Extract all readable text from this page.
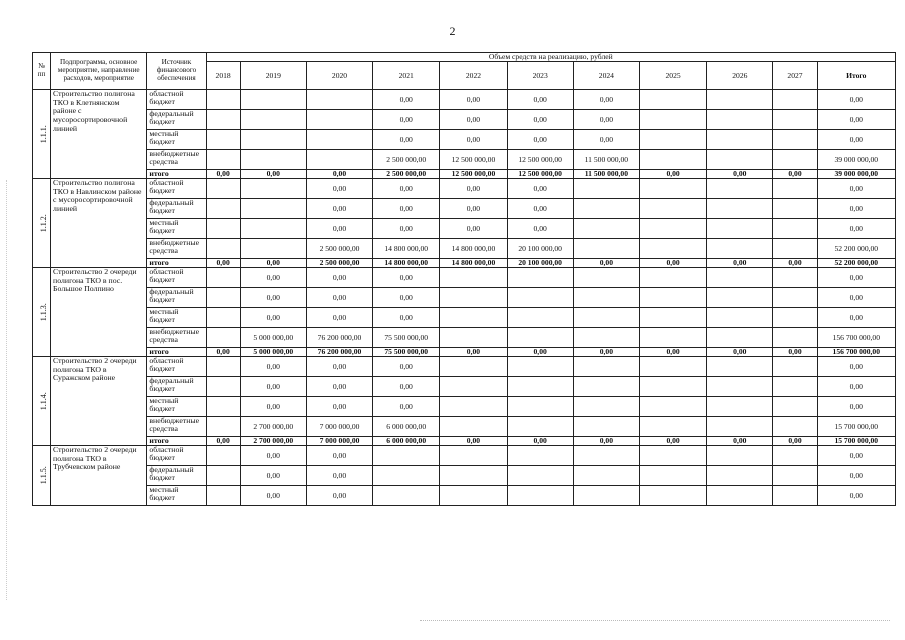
2
№ пп	Подпрограмма, основное мероприятие, направление расходов, мероприятие	Источник финансового обеспечения	Объем средств на реализацию, рублей										
			2018	2019	2020	2021	2022	2023	2024	2025	2026	2027	Итого
1.1.1.	Строительство полигона ТКО в Клетнянском районе с мусоросортировочной линией	областной бюджет				0,00	0,00	0,00	0,00				0,00
		федеральный бюджет				0,00	0,00	0,00	0,00				0,00
		местный бюджет				0,00	0,00	0,00	0,00				0,00
		внебюджетные средства				2 500 000,00	12 500 000,00	12 500 000,00	11 500 000,00				39 000 000,00
		итого	0,00	0,00	0,00	2 500 000,00	12 500 000,00	12 500 000,00	11 500 000,00	0,00	0,00	0,00	39 000 000,00
1.1.2.	Строительство полигона ТКО в Навлинском районе с мусоросортировочной линией	областной бюджет			0,00	0,00	0,00	0,00					0,00
		федеральный бюджет			0,00	0,00	0,00	0,00					0,00
		местный бюджет			0,00	0,00	0,00	0,00					0,00
		внебюджетные средства			2 500 000,00	14 800 000,00	14 800 000,00	20 100 000,00					52 200 000,00
		итого	0,00	0,00	2 500 000,00	14 800 000,00	14 800 000,00	20 100 000,00	0,00	0,00	0,00	0,00	52 200 000,00
1.1.3.	Строительство 2 очереди полигона ТКО в пос. Большое Полпино	областной бюджет		0,00	0,00	0,00							0,00
		федеральный бюджет		0,00	0,00	0,00							0,00
		местный бюджет		0,00	0,00	0,00							0,00
		внебюджетные средства		5 000 000,00	76 200 000,00	75 500 000,00							156 700 000,00
		итого	0,00	5 000 000,00	76 200 000,00	75 500 000,00	0,00	0,00	0,00	0,00	0,00	0,00	156 700 000,00
1.1.4.	Строительство 2 очереди полигона ТКО в Суражском районе	областной бюджет		0,00	0,00	0,00							0,00
		федеральный бюджет		0,00	0,00	0,00							0,00
		местный бюджет		0,00	0,00	0,00							0,00
		внебюджетные средства		2 700 000,00	7 000 000,00	6 000 000,00							15 700 000,00
		итого	0,00	2 700 000,00	7 000 000,00	6 000 000,00	0,00	0,00	0,00	0,00	0,00	0,00	15 700 000,00
1.1.5.	Строительство 2 очереди полигона ТКО в Трубчевском районе	областной бюджет		0,00	0,00								0,00
		федеральный бюджет		0,00	0,00								0,00
		местный бюджет		0,00	0,00								0,00
